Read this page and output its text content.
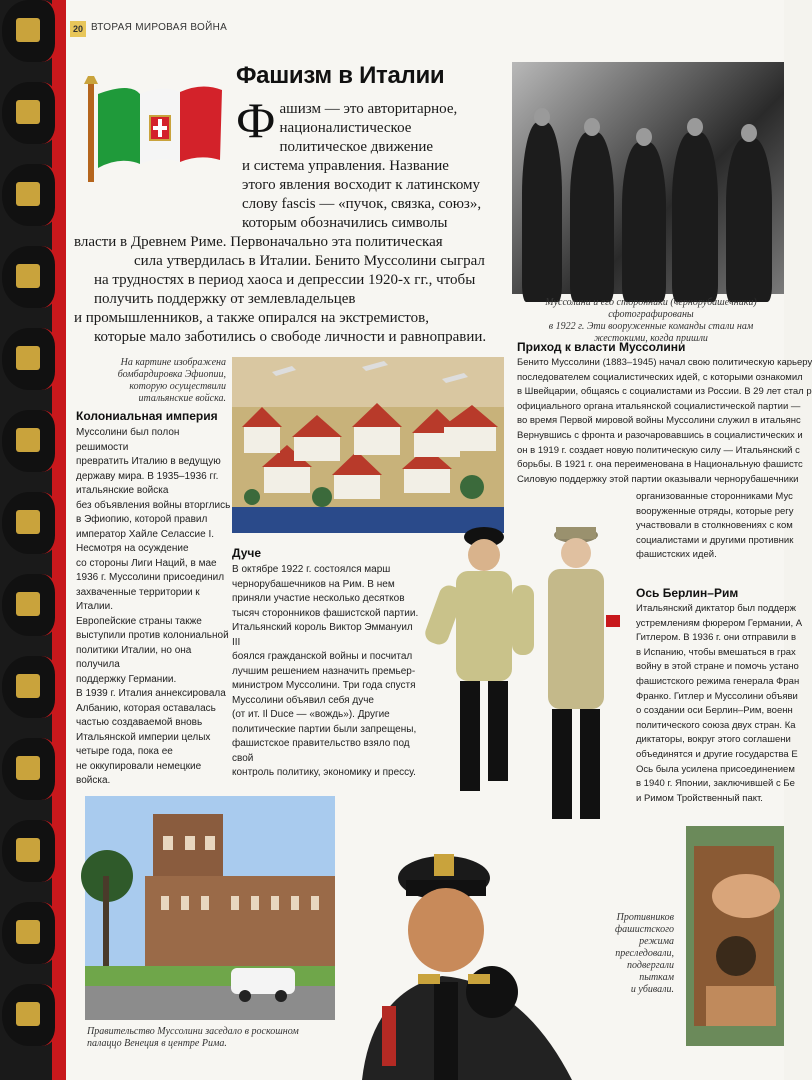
20 ВТОРАЯ МИРОВАЯ ВОЙНА
Фашизм в Италии
Ф ашизм — это авторитарное,
националистическое
политическое движение

и система управления. Название
этого явления восходит к латинскому
слову fascis — «пучок, связка, союз»,
которым обозначились символы
власти в Древнем Риме. Первоначально эта политическая
сила утвердилась в Италии. Бенито Муссолини сыграл
на трудностях в период хаоса и депрессии 1920-х гг., чтобы
получить поддержку от землевладельцев
и промышленников, а также опирался на экстремистов,
которые мало заботились о свободе личности и равноправии.
Муссолини и его сторонники (чернорубашечники) сфотографированы
в 1922 г. Эти вооруженные команды стали нам
жестокими, когда пришли
На картине изображена
бомбардировка Эфиопии,
которую осуществили
итальянские войска.
Колониальная империя
Муссолини был полон решимости
превратить Италию в ведущую
державу мира. В 1935–1936 гг.
итальянские войска
без объявления войны вторглись
в Эфиопию, которой правил
император Хайле Селассие I.
Несмотря на осуждение
со стороны Лиги Наций, в мае
1936 г. Муссолини присоединил
захваченные территории к Италии.
Европейские страны также
выступили против колониальной
политики Италии, но она получила
поддержку Германии.
В 1939 г. Италия аннексировала
Албанию, которая оставалась
частью создаваемой вновь
Итальянской империи целых
четыре года, пока ее
не оккупировали немецкие
войска.
Дуче
В октябре 1922 г. состоялся марш
чернорубашечников на Рим. В нем
приняли участие несколько десятков
тысяч сторонников фашистской партии.
Итальянский король Виктор Эммануил III
боялся гражданской войны и посчитал
лучшим решением назначить премьер-
министром Муссолини. Три года спустя
Муссолини объявил себя дуче
(от ит. Il Duce — «вождь»). Другие
политические партии были запрещены,
фашистское правительство взяло под свой
контроль политику, экономику и прессу.
Приход к власти Муссолини
Бенито Муссолини (1883–1945) начал свою политическую карьеру
последователем социалистических идей, с которыми ознакомил
в Швейцарии, общаясь с социалистами из России. В 29 лет стал р
официального органа итальянской социалистической партии —
во время Первой мировой войны Муссолини служил в итальянс
Вернувшись с фронта и разочаровавшись в социалистических и
он в 1919 г. создает новую политическую силу — Итальянский с
борьбы. В 1921 г. она переименована в Национальную фашистс
Силовую поддержку этой партии оказывали чернорубашечники
организованные сторонниками Мус
вооруженные отряды, которые регу
участвовали в столкновениях с ком
социалистами и другими противник
фашистских идей.
Ось Берлин–Рим
Итальянский диктатор был поддерж
устремлениям фюрером Германии, А
Гитлером. В 1936 г. они отправили в
в Испанию, чтобы вмешаться в грах
войну в этой стране и помочь устано
фашистского режима генерала Фран
Франко. Гитлер и Муссолини объяви
о создании оси Берлин–Рим, военн
политического союза двух стран. Ка
диктаторы, вокруг этого соглашени
объединятся и другие государства Е
Ось была усилена присоединением
в 1940 г. Японии, заключившей с Бе
и Римом Тройственный пакт.
Правительство Муссолини заседало в роскошном
палаццо Венеция в центре Рима.
Противников
фашистского
режима
преследовали,
подвергали
пыткам
и убивали.
